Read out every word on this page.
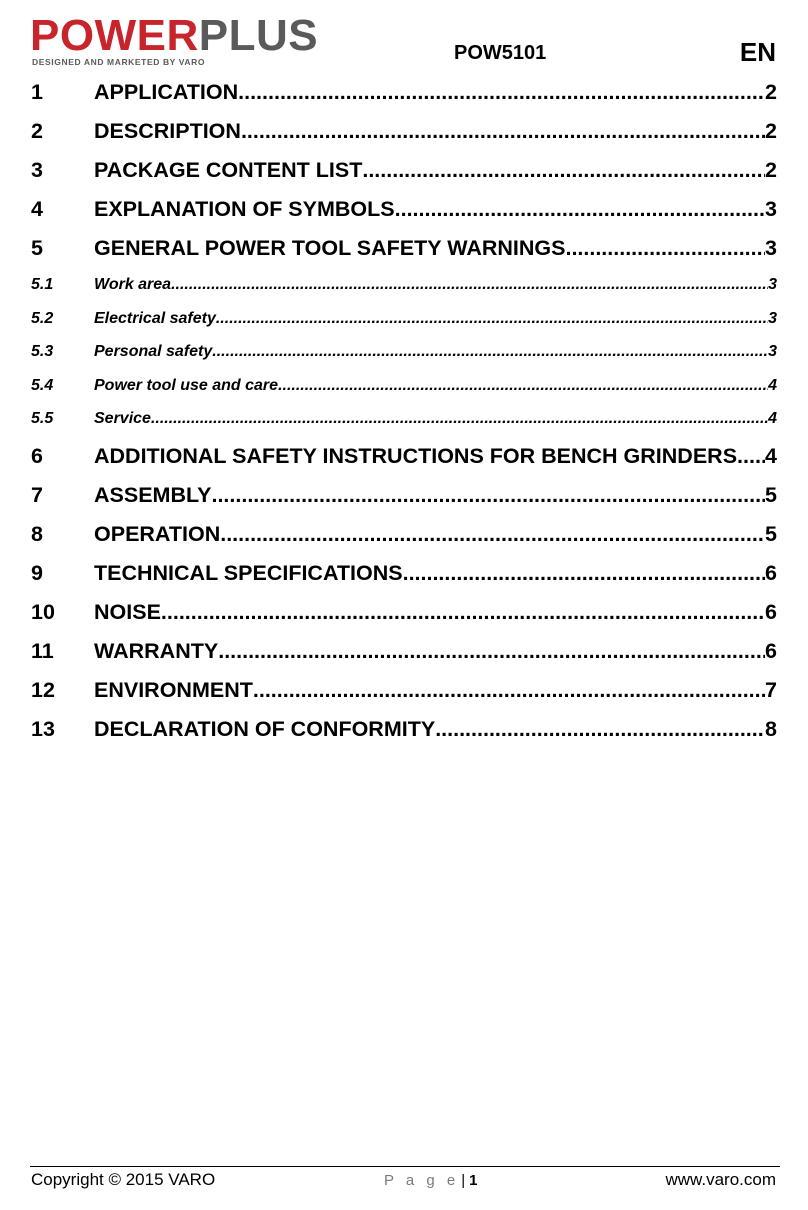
POWERPLUS
DESIGNED AND MARKETED BY VARO	POW5101	EN
1	APPLICATION .....	2
2	DESCRIPTION .....	2
3	PACKAGE CONTENT LIST .....	2
4	EXPLANATION OF SYMBOLS .....	3
5	GENERAL POWER TOOL SAFETY WARNINGS .....	3
5.1	Work area .....	3
5.2	Electrical safety .....	3
5.3	Personal safety .....	3
5.4	Power tool use and care .....	4
5.5	Service .....	4
6	ADDITIONAL SAFETY INSTRUCTIONS FOR BENCH GRINDERS ..... 4
7	ASSEMBLY .....	5
8	OPERATION .....	5
9	TECHNICAL SPECIFICATIONS .....	6
10	NOISE .....	6
11	WARRANTY .....	6
12	ENVIRONMENT .....	7
13	DECLARATION OF CONFORMITY .....	8
Copyright © 2015 VARO	P a g e | 1	www.varo.com
